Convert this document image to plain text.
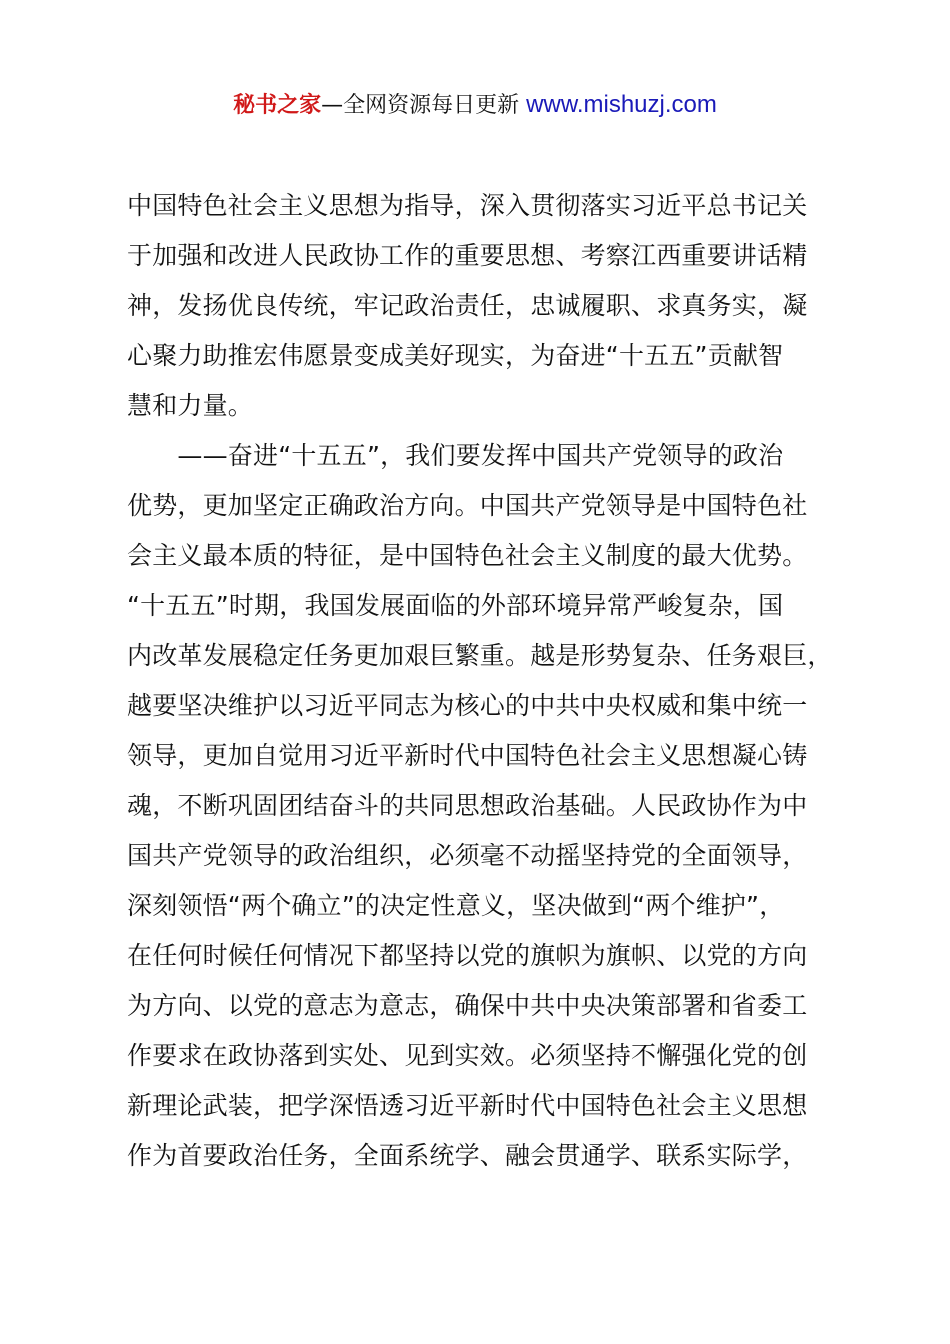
秘书之家—全网资源每日更新 www.mishuzj.com
中国特色社会主义思想为指导，深入贯彻落实习近平总书记关
于加强和改进人民政协工作的重要思想、考察江西重要讲话精
神，发扬优良传统，牢记政治责任，忠诚履职、求真务实，凝
心聚力助推宏伟愿景变成美好现实，为奋进“十五五”贡献智
慧和力量。
　　——奋进“十五五”，我们要发挥中国共产党领导的政治
优势，更加坚定正确政治方向。中国共产党领导是中国特色社
会主义最本质的特征，是中国特色社会主义制度的最大优势。
“十五五”时期，我国发展面临的外部环境异常严峻复杂，国
内改革发展稳定任务更加艰巨繁重。越是形势复杂、任务艰巨，
越要坚决维护以习近平同志为核心的中共中央权威和集中统一
领导，更加自觉用习近平新时代中国特色社会主义思想凝心铸
魂，不断巩固团结奋斗的共同思想政治基础。人民政协作为中
国共产党领导的政治组织，必须毫不动摇坚持党的全面领导，
深刻领悟“两个确立”的决定性意义，坚决做到“两个维护”，
在任何时候任何情况下都坚持以党的旗帜为旗帜、以党的方向
为方向、以党的意志为意志，确保中共中央决策部署和省委工
作要求在政协落到实处、见到实效。必须坚持不懈强化党的创
新理论武装，把学深悟透习近平新时代中国特色社会主义思想
作为首要政治任务，全面系统学、融会贯通学、联系实际学，
